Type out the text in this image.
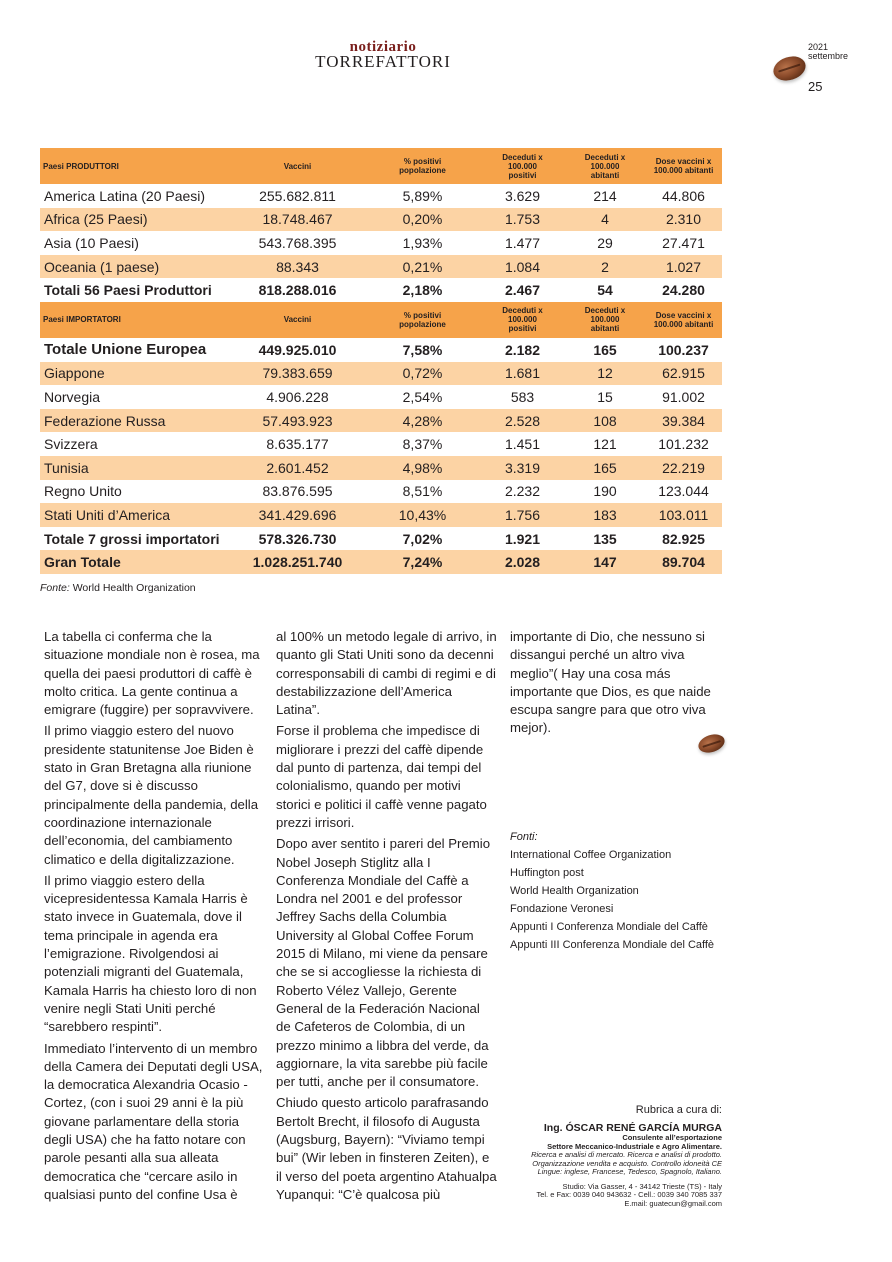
notiziario
TORREFATTORI
2021
settembre
25
Paesi PRODUTTORI	Vaccini	% positivi popolazione	Deceduti x 100.000 positivi	Deceduti x 100.000 abitanti	Dose vaccini x 100.000 abitanti
America Latina (20 Paesi)	255.682.811	5,89%	3.629	214	44.806
Africa (25 Paesi)	18.748.467	0,20%	1.753	4	2.310
Asia (10 Paesi)	543.768.395	1,93%	1.477	29	27.471
Oceania (1 paese)	88.343	0,21%	1.084	2	1.027
Totali 56 Paesi Produttori	818.288.016	2,18%	2.467	54	24.280
Paesi IMPORTATORI	Vaccini	% positivi popolazione	Deceduti x 100.000 positivi	Deceduti x 100.000 abitanti	Dose vaccini x 100.000 abitanti
Totale Unione Europea	449.925.010	7,58%	2.182	165	100.237
Giappone	79.383.659	0,72%	1.681	12	62.915
Norvegia	4.906.228	2,54%	583	15	91.002
Federazione Russa	57.493.923	4,28%	2.528	108	39.384
Svizzera	8.635.177	8,37%	1.451	121	101.232
Tunisia	2.601.452	4,98%	3.319	165	22.219
Regno Unito	83.876.595	8,51%	2.232	190	123.044
Stati Uniti d’America	341.429.696	10,43%	1.756	183	103.011
Totale 7 grossi importatori	578.326.730	7,02%	1.921	135	82.925
Gran Totale	1.028.251.740	7,24%	2.028	147	89.704
Fonte: World Health Organization

La tabella ci conferma che la situazione mondiale non è rosea, ma quella dei paesi produttori di caffè è molto critica. La gente continua a emigrare (fuggire) per sopravvivere.

Il primo viaggio estero del nuovo presidente statunitense Joe Biden è stato in Gran Bretagna alla riunione del G7, dove si è discusso principalmente della pandemia, della coordinazione internazionale dell’economia, del cambiamento climatico e della digitalizzazione.

Il primo viaggio estero della vicepresidentessa Kamala Harris è stato invece in Guatemala, dove il tema principale in agenda era l’emigrazione. Rivolgendosi ai potenziali migranti del Guatemala, Kamala Harris ha chiesto loro di non venire negli Stati Uniti perché “sarebbero respinti”.

Immediato l’intervento di un membro della Camera dei Deputati degli USA, la democratica Alexandria Ocasio - Cortez, (con i suoi 29 anni è la più giovane parlamentare della storia degli USA) che ha fatto notare con parole pesanti alla sua alleata democratica che “cercare asilo in qualsiasi punto del confine Usa è

al 100% un metodo legale di arrivo, in quanto gli Stati Uniti sono da decenni corresponsabili di cambi di regimi e di destabilizzazione dell’America Latina”.

Forse il problema che impedisce di migliorare i prezzi del caffè dipende dal punto di partenza, dai tempi del colonialismo, quando per motivi storici e politici il caffè venne pagato prezzi irrisori.

Dopo aver sentito i pareri del Premio Nobel Joseph Stiglitz alla I Conferenza Mondiale del Caffè a Londra nel 2001 e del professor Jeffrey Sachs della Columbia University al Global Coffee Forum 2015 di Milano, mi viene da pensare che se si accogliesse la richiesta di Roberto Vélez Vallejo, Gerente General de la Federación Nacional de Cafeteros de Colombia, di un prezzo minimo a libbra del verde, da aggiornare, la vita sarebbe più facile per tutti, anche per il consumatore.

Chiudo questo articolo parafrasando Bertolt Brecht, il filosofo di Augusta (Augsburg, Bayern): “Viviamo tempi bui” (Wir leben in finsteren Zeiten), e il verso del poeta argentino Atahualpa Yupanqui: “C’è qualcosa più

importante di Dio, che nessuno si dissangui perché un altro viva meglio”( Hay una cosa más importante que Dios, es que naide escupa sangre para que otro viva mejor).

Fonti:
International Coffee Organization
Huffington post
World Health Organization
Fondazione Veronesi
Appunti I Conferenza Mondiale del Caffè
Appunti III Conferenza Mondiale del Caffè
Rubrica a cura di:
Ing. ÓSCAR RENÉ GARCÍA MURGA
Consulente all’esportazione
Settore Meccanico-Industriale e Agro Alimentare.
Ricerca e analisi di mercato. Ricerca e analisi di prodotto.
Organizzazione vendita e acquisto. Controllo idoneità CE
Lingue: inglese, Francese, Tedesco, Spagnolo, Italiano.
Studio: Via Gasser, 4 - 34142 Trieste (TS) - Italy
Tel. e Fax: 0039 040 943632 - Cell.: 0039 340 7085 337
E.mail: guatecun@gmail.com
